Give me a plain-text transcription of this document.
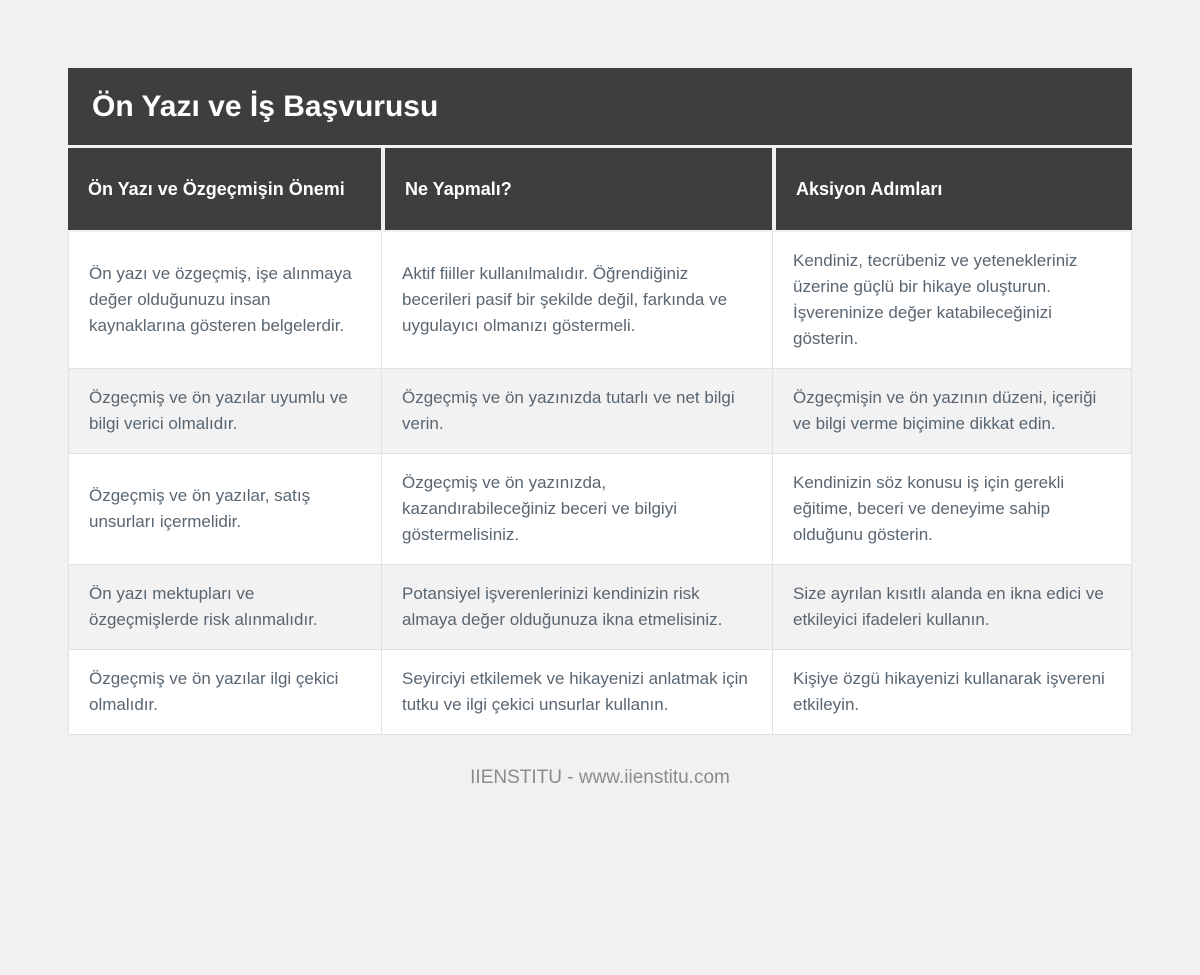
Ön Yazı ve İş Başvurusu
Ön Yazı ve Özgeçmişin Önemi	Ne Yapmalı?	Aksiyon Adımları
Ön yazı ve özgeçmiş, işe alınmaya değer olduğunuzu insan kaynaklarına gösteren belgelerdir.	Aktif fiiller kullanılmalıdır. Öğrendiğiniz becerileri pasif bir şekilde değil, farkında ve uygulayıcı olmanızı göstermeli.	Kendiniz, tecrübeniz ve yetenekleriniz üzerine güçlü bir hikaye oluşturun. İşvereninize değer katabileceğinizi gösterin.
Özgeçmiş ve ön yazılar uyumlu ve bilgi verici olmalıdır.	Özgeçmiş ve ön yazınızda tutarlı ve net bilgi verin.	Özgeçmişin ve ön yazının düzeni, içeriği ve bilgi verme biçimine dikkat edin.
Özgeçmiş ve ön yazılar, satış unsurları içermelidir.	Özgeçmiş ve ön yazınızda, kazandırabileceğiniz beceri ve bilgiyi göstermelisiniz.	Kendinizin söz konusu iş için gerekli eğitime, beceri ve deneyime sahip olduğunu gösterin.
Ön yazı mektupları ve özgeçmişlerde risk alınmalıdır.	Potansiyel işverenlerinizi kendinizin risk almaya değer olduğunuza ikna etmelisiniz.	Size ayrılan kısıtlı alanda en ikna edici ve etkileyici ifadeleri kullanın.
Özgeçmiş ve ön yazılar ilgi çekici olmalıdır.	Seyirciyi etkilemek ve hikayenizi anlatmak için tutku ve ilgi çekici unsurlar kullanın.	Kişiye özgü hikayenizi kullanarak işvereni etkileyin.
IIENSTITU - www.iienstitu.com
